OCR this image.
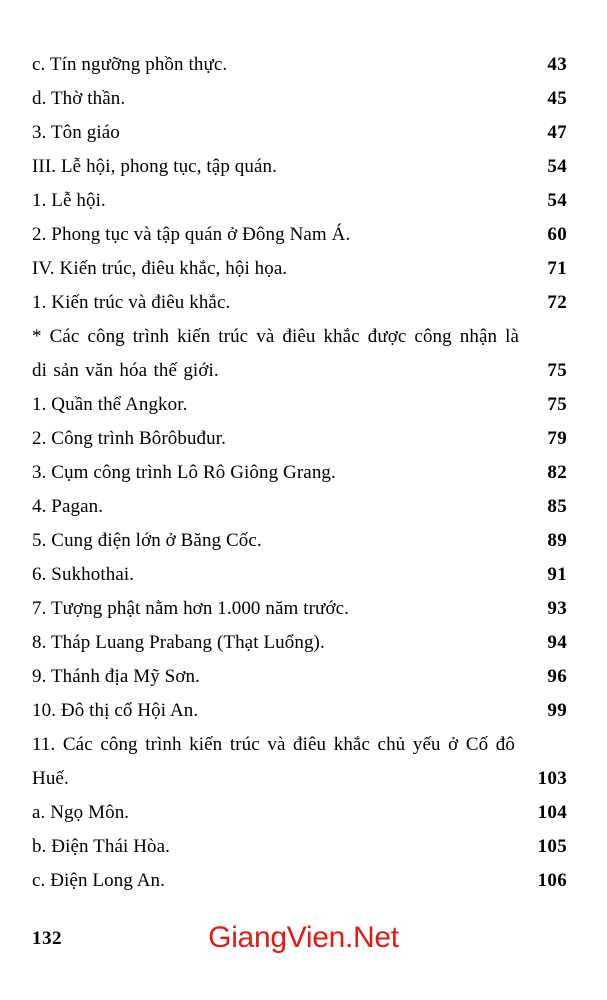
c. Tín ngưỡng phồn thực.	43
d. Thờ thần.	45
3. Tôn giáo	47
III. Lễ hội, phong tục, tập quán.	54
1. Lễ hội.	54
2. Phong tục và tập quán ở Đông Nam Á.	60
IV. Kiến trúc, điêu khắc, hội họa.	71
1. Kiến trúc và điêu khắc.	72
* Các công trình kiến trúc và điêu khắc được công nhận là di sản văn hóa thế giới.	75
1. Quần thể Angkor.	75
2. Công trình Bôrôbuđur.	79
3. Cụm công trình Lô Rô Giông Grang.	82
4. Pagan.	85
5. Cung điện lớn ở Băng Cốc.	89
6. Sukhothai.	91
7. Tượng phật nằm hơn 1.000 năm trước.	93
8. Tháp Luang Prabang (Thạt Luổng).	94
9. Thánh địa Mỹ Sơn.	96
10. Đô thị cổ Hội An.	99
11. Các công trình kiến trúc và điêu khắc chủ yếu ở Cố đô Huế.	103
a. Ngọ Môn.	104
b. Điện Thái Hòa.	105
c. Điện Long An.	106
132	GiangVien.Net
